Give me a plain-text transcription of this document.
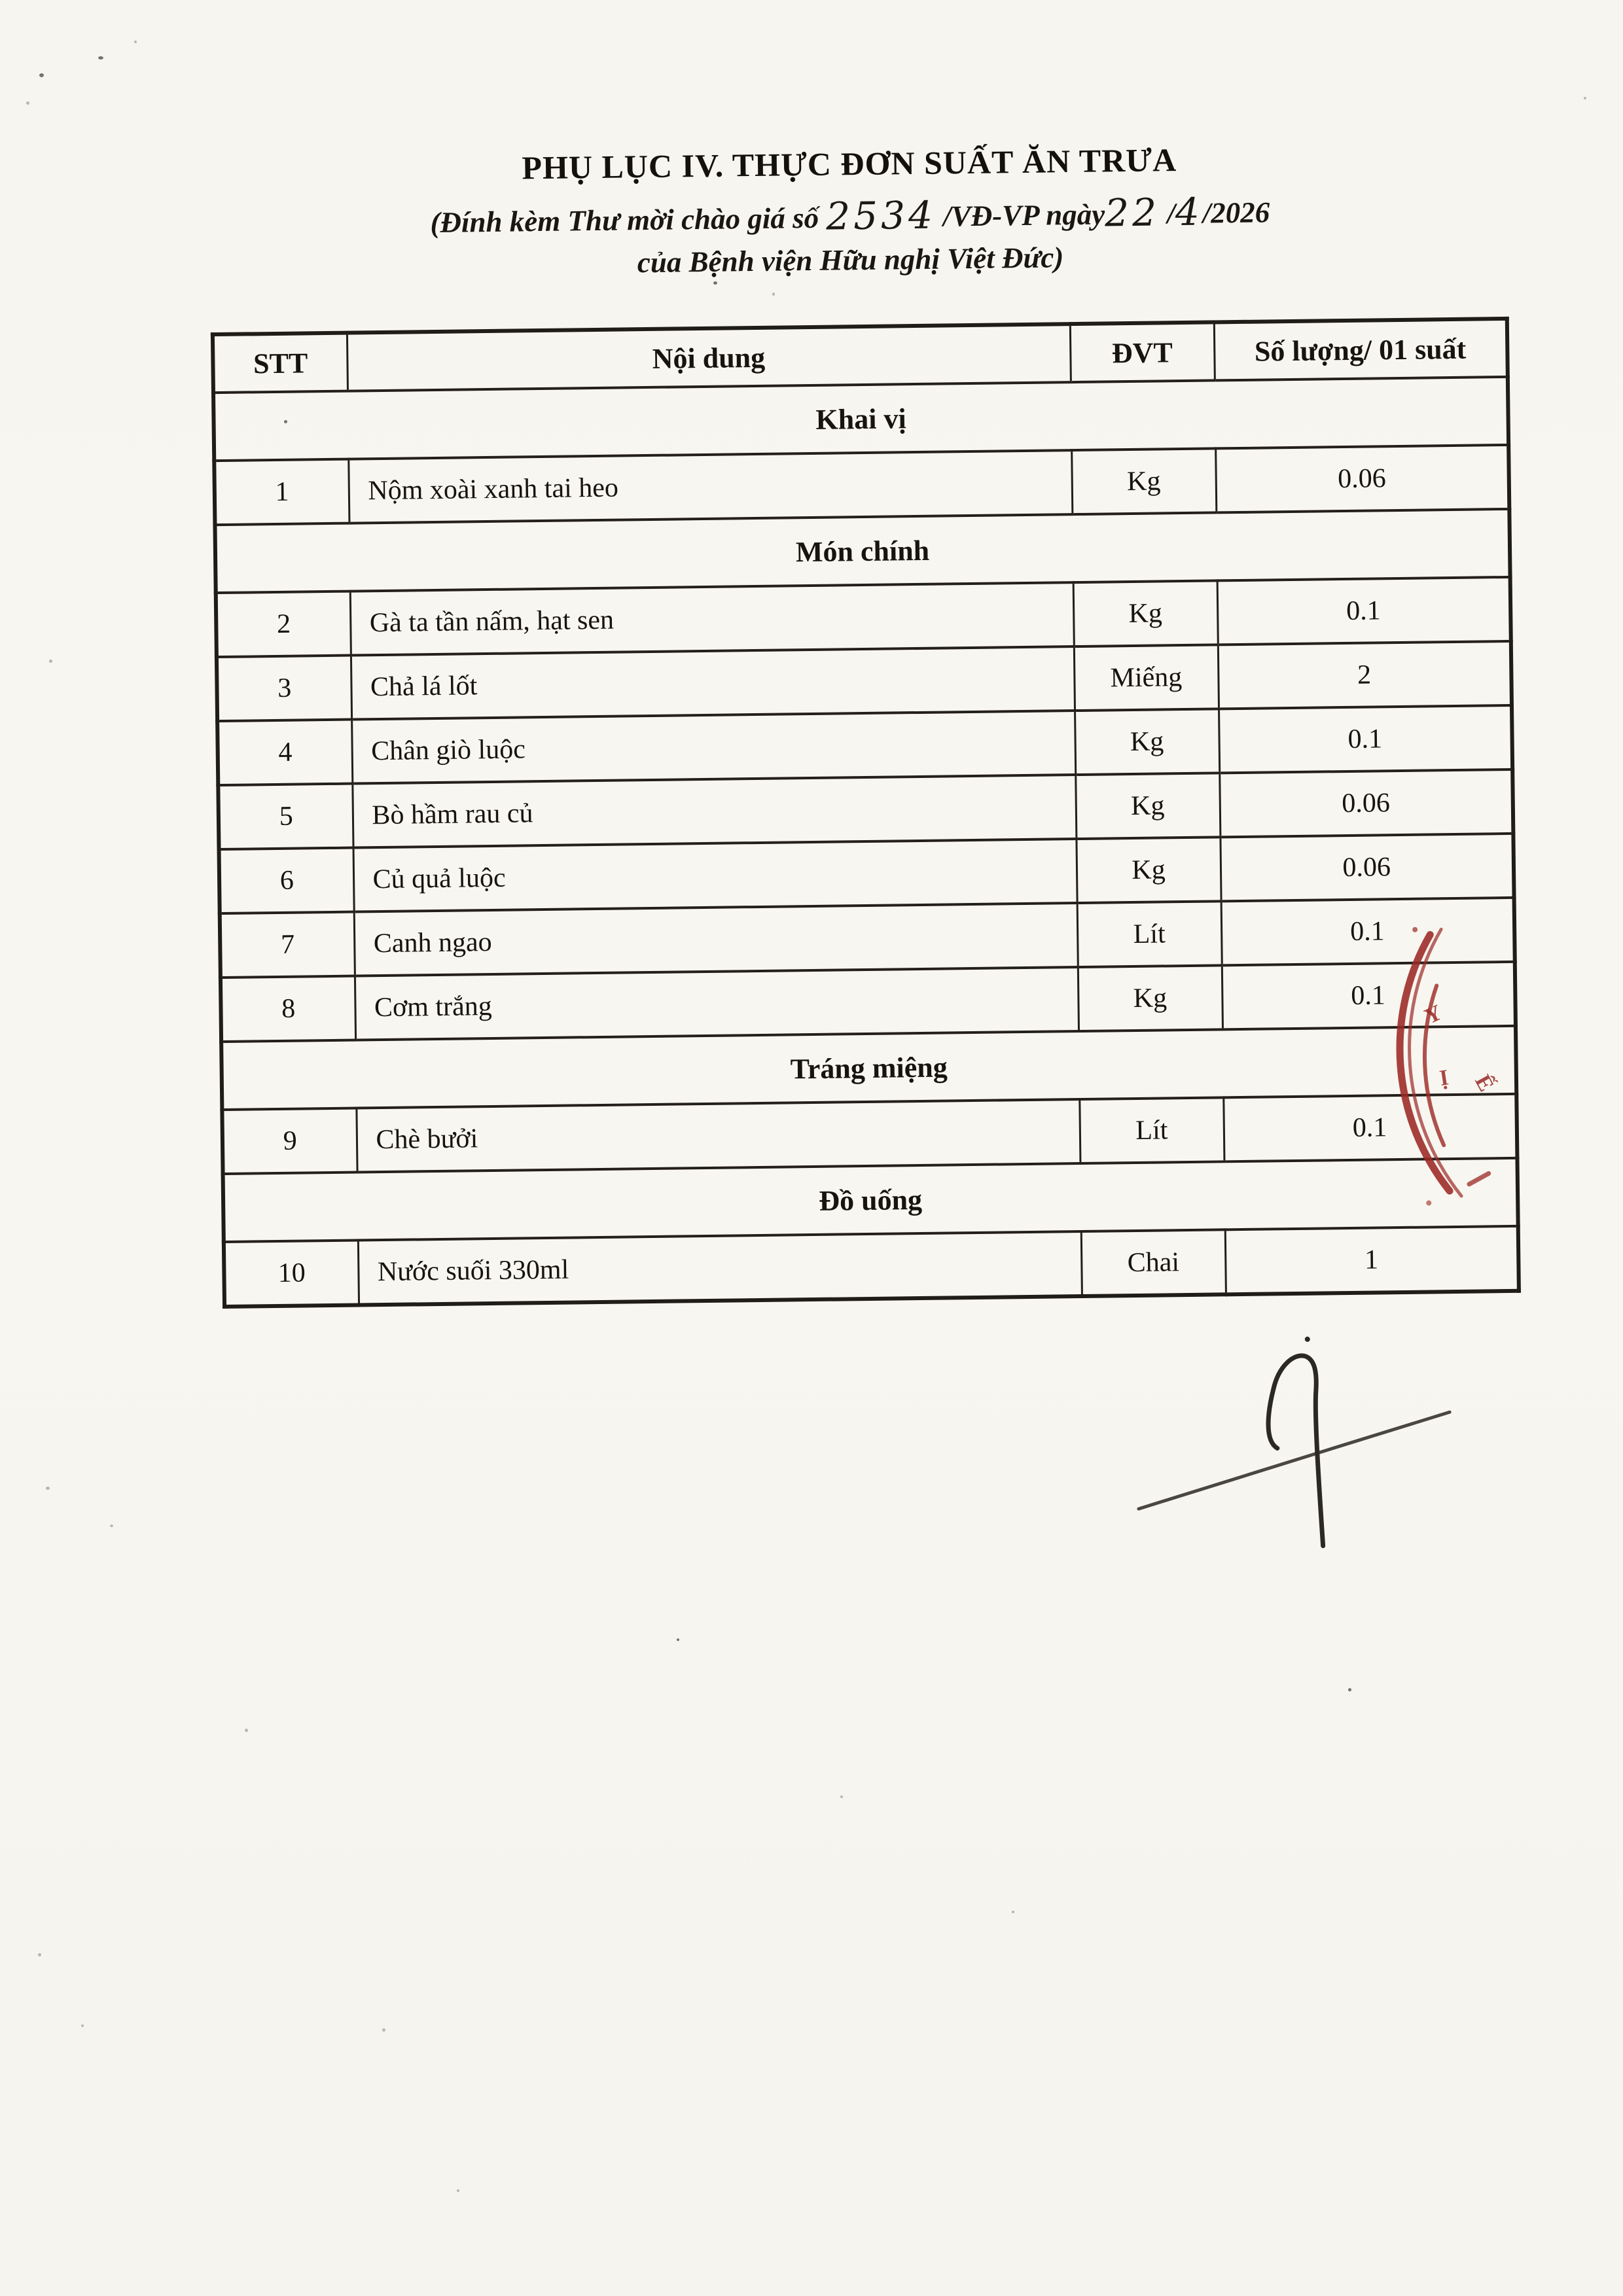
PHỤ LỤC IV. THỰC ĐƠN SUẤT ĂN TRƯA

(Đính kèm Thư mời chào giá số 2534 /VĐ-VP ngày22 /4/2026

của Bệnh viện Hữu nghị Việt Đức)

STT	Nội dung	ĐVT	Số lượng/ 01 suất
Khai vị			
1	Nộm xoài xanh tai heo	Kg	0.06
Món chính			
2	Gà ta tần nấm, hạt sen	Kg	0.1
3	Chả lá lốt	Miếng	2
4	Chân giò luộc	Kg	0.1
5	Bò hầm rau củ	Kg	0.06
6	Củ quả luộc	Kg	0.06
7	Canh ngao	Lít	0.1
8	Cơm trắng	Kg	0.1
Tráng miệng			
9	Chè bưởi	Lít	0.1
Đồ uống			
10	Nước suối 330ml	Chai	1
Y
Ị Ế
